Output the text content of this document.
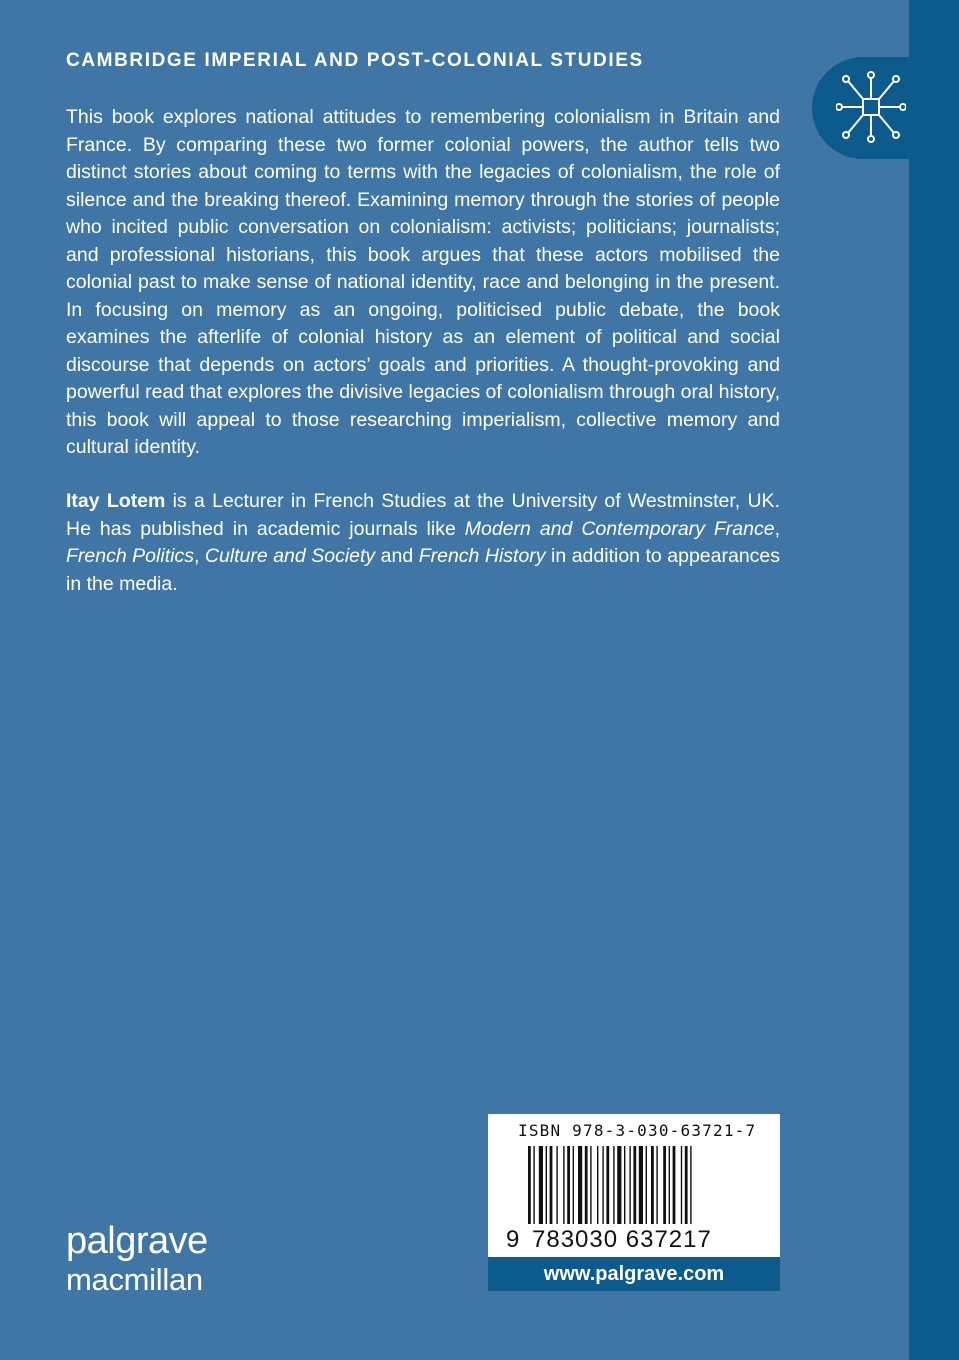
CAMBRIDGE IMPERIAL AND POST-COLONIAL STUDIES

This book explores national attitudes to remembering colonialism in Britain and France. By comparing these two former colonial powers, the author tells two distinct stories about coming to terms with the legacies of colonialism, the role of silence and the breaking thereof. Examining memory through the stories of people who incited public conversation on colonialism: activists; politicians; journalists; and professional historians, this book argues that these actors mobilised the colonial past to make sense of national identity, race and belonging in the present. In focusing on memory as an ongoing, politicised public debate, the book examines the afterlife of colonial history as an element of political and social discourse that depends on actors’ goals and priorities. A thought-provoking and powerful read that explores the divisive legacies of colonialism through oral history, this book will appeal to those researching imperialism, collective memory and cultural identity.

Itay Lotem is a Lecturer in French Studies at the University of Westminster, UK. He has published in academic journals like Modern and Contemporary France, French Politics, Culture and Society and French History in addition to appearances in the media.

palgrave
macmillan
ISBN 978-3-030-63721-7
9 783030 637217
www.palgrave.com
